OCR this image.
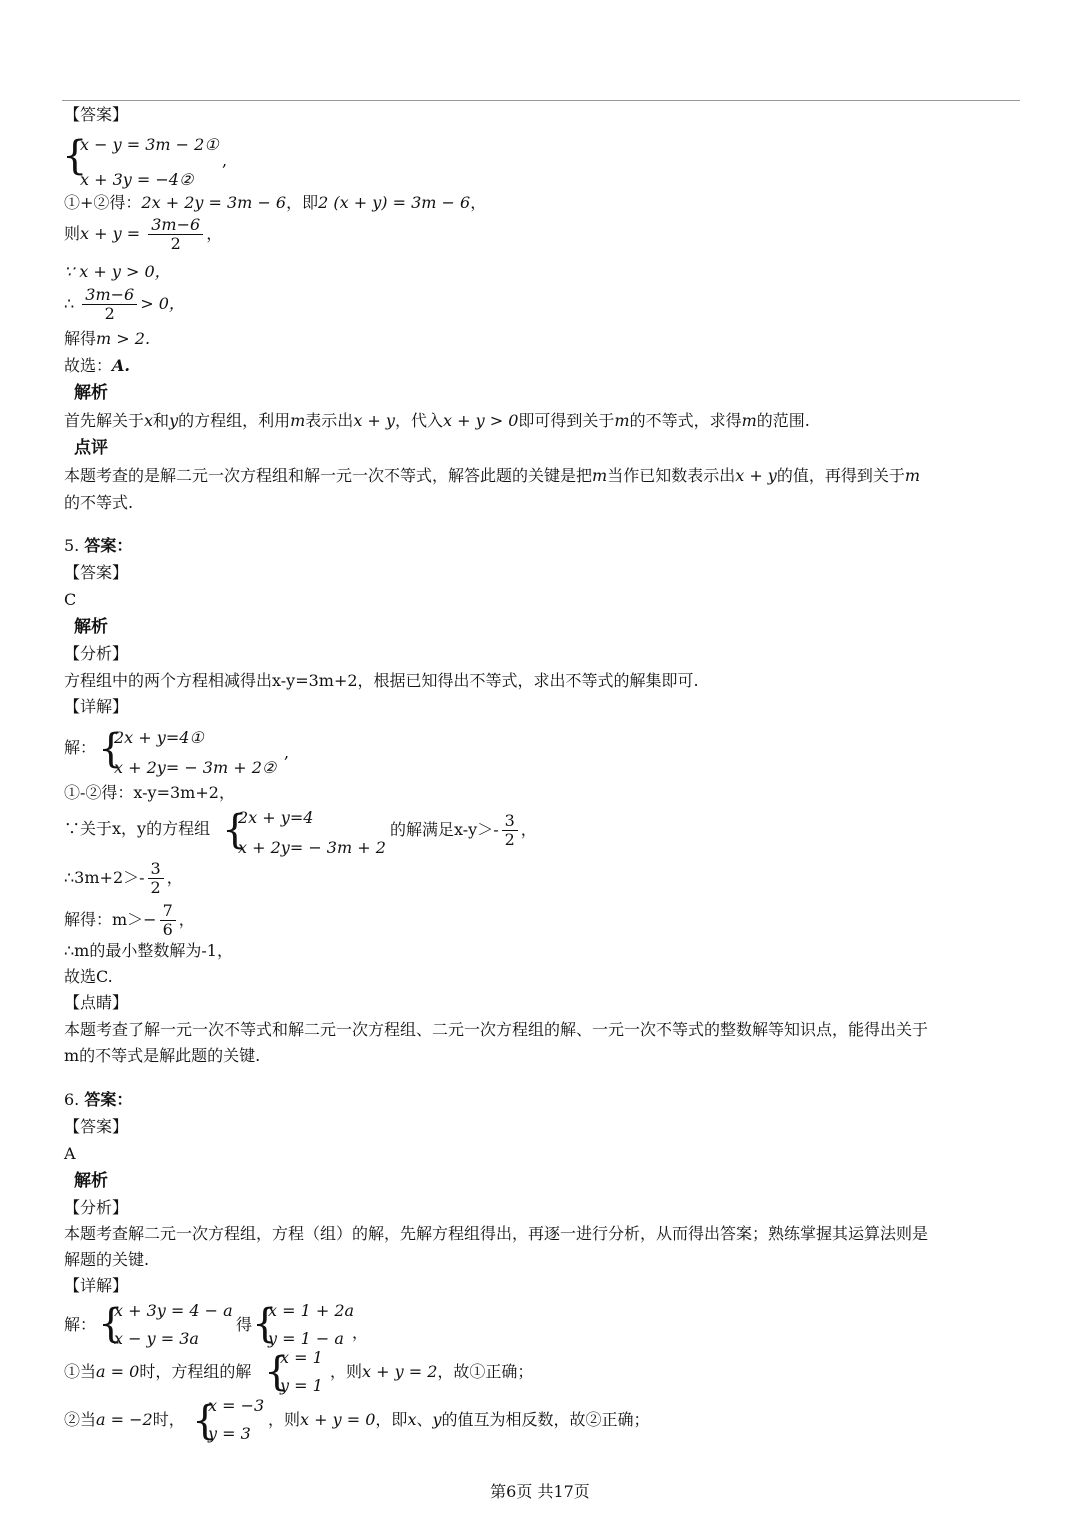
【答案】
{
x − y = 3m − 2①
,
x + 3y = −4②
①+②得：2x + 2y = 3m − 6，即2 (x + y) = 3m − 6，
则$x + y = \frac{3m-6}{2}$ ，
∵ x + y > 0，
∴ $\frac{3m-6}{2} > 0$，
解得m > 2.
故选：A.
解析
首先解关于x和y的方程组，利用m表示出x + y，代入x + y > 0即可得到关于m的不等式，求得m的范围.
点评
本题考查的是解二元一次方程组和解一元一次不等式，解答此题的关键是把m当作已知数表示出x + y的值，再得到关于m
的不等式.
5. 答案：
【答案】
C
解析
【分析】
方程组中的两个方程相减得出x-y=3m+2，根据已知得出不等式，求出不等式的解集即可.
【详解】
解： {
2x + y=4①
x + 2y= − 3m + 2②
,
①-②得：x-y=3m+2，
∵关于x，y的方程组 {
2x + y=4
x + 2y= − 3m + 2
的解满足$x-y>- \frac{3}{2}$ ，
∴3m+2＞- $\frac{3}{2}$ ，
解得：$m>- \frac{7}{6}$ ，
∴m的最小整数解为-1，
故选C.
【点睛】
本题考查了解一元一次不等式和解二元一次方程组、二元一次方程组的解、一元一次不等式的整数解等知识点，能得出关于
m的不等式是解此题的关键.
6. 答案：
【答案】
A
解析
【分析】
本题考查解二元一次方程组，方程（组）的解，先解方程组得出，再逐一进行分析，从而得出答案；熟练掌握其运算法则是
解题的关键.
【详解】
解： {
x + 3y = 4 − a
x − y = 3a
得 {
x = 1 + 2a
y = 1 − a ，
①当a = 0时，方程组的解 {
x = 1
y = 1
，则x + y = 2，故①正确；
②当a = −2时， {
x = −3
y = 3
，则x + y = 0，即x、y的值互为相反数，故②正确；
第6页 共17页
